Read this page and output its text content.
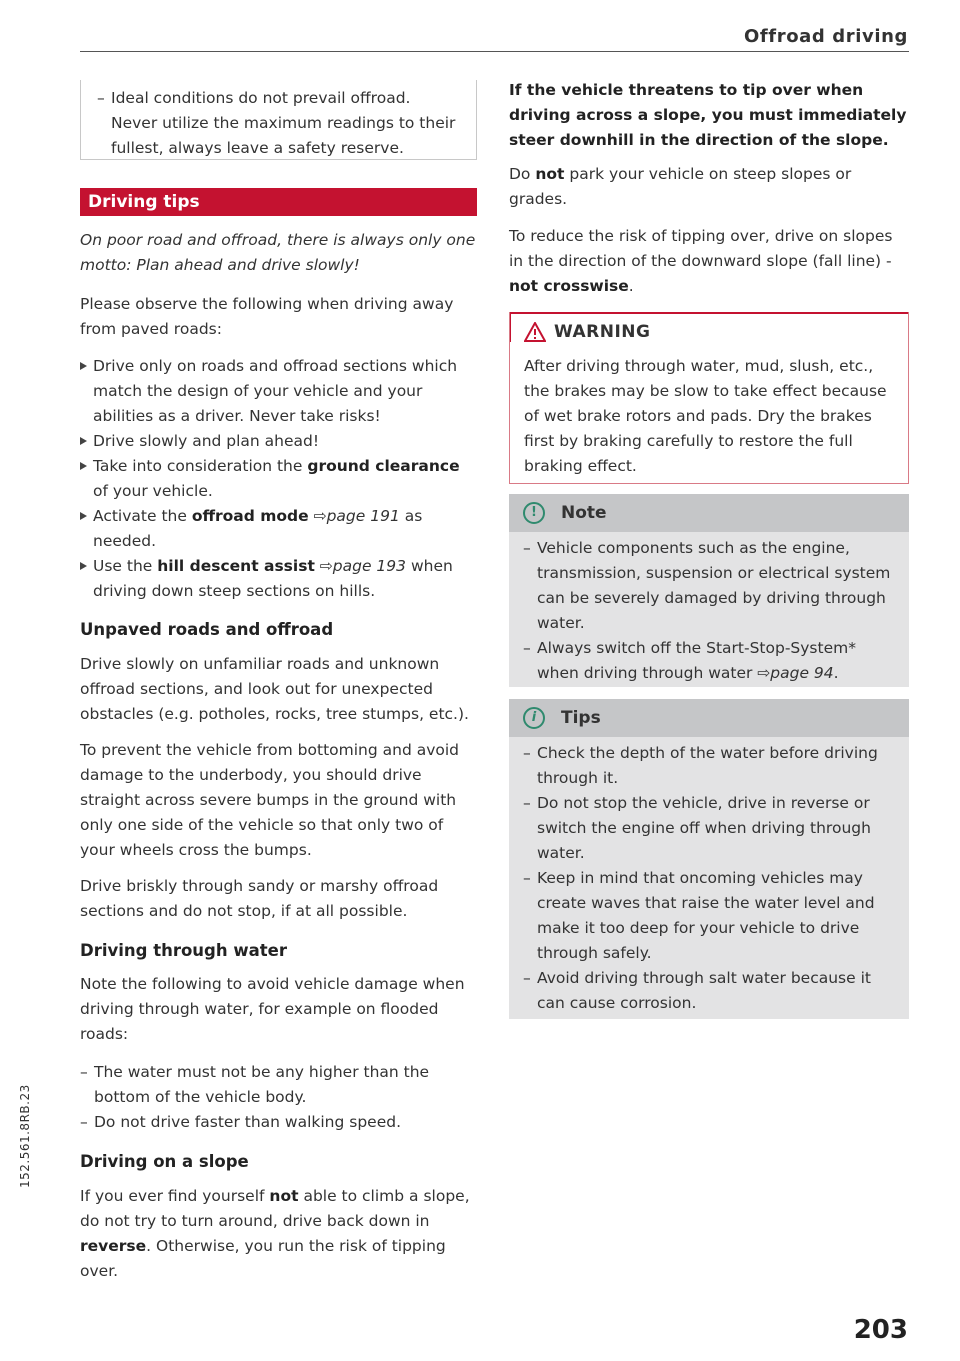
Offroad driving
– Ideal conditions do not prevail offroad. Never utilize the maximum readings to their fullest, always leave a safety reserve.
Driving tips

On poor road and offroad, there is always only one motto: Plan ahead and drive slowly!

Please observe the following when driving away from paved roads:

Drive only on roads and offroad sections which match the design of your vehicle and your abilities as a driver. Never take risks!
Drive slowly and plan ahead!
Take into consideration the ground clearance of your vehicle.
Activate the offroad mode ⇨page 191 as needed.
Use the hill descent assist ⇨page 193 when driving down steep sections on hills.
Unpaved roads and offroad

Drive slowly on unfamiliar roads and unknown offroad sections, and look out for unexpected obstacles (e.g. potholes, rocks, tree stumps, etc.).

To prevent the vehicle from bottoming and avoid damage to the underbody, you should drive straight across severe bumps in the ground with only one side of the vehicle so that only two of your wheels cross the bumps.

Drive briskly through sandy or marshy offroad sections and do not stop, if at all possible.

Driving through water

Note the following to avoid vehicle damage when driving through water, for example on flooded roads:

– The water must not be any higher than the bottom of the vehicle body.
– Do not drive faster than walking speed.
Driving on a slope

If you ever find yourself not able to climb a slope, do not try to turn around, drive back down in reverse. Otherwise, you run the risk of tipping over.

If the vehicle threatens to tip over when driving across a slope, you must immediately steer downhill in the direction of the slope.

Do not park your vehicle on steep slopes or grades.

To reduce the risk of tipping over, drive on slopes in the direction of the downward slope (fall line) - not crosswise.

WARNING
After driving through water, mud, slush, etc., the brakes may be slow to take effect because of wet brake rotors and pads. Dry the brakes first by braking carefully to restore the full braking effect.
!	Note
– Vehicle components such as the engine, transmission, suspension or electrical system can be severely damaged by driving through water.
– Always switch off the Start-Stop-System* when driving through water ⇨page 94.
i	Tips
– Check the depth of the water before driving through it.
– Do not stop the vehicle, drive in reverse or switch the engine off when driving through water.
– Keep in mind that oncoming vehicles may create waves that raise the water level and make it too deep for your vehicle to drive through safely.
– Avoid driving through salt water because it can cause corrosion.
152.561.8RB.23
203
